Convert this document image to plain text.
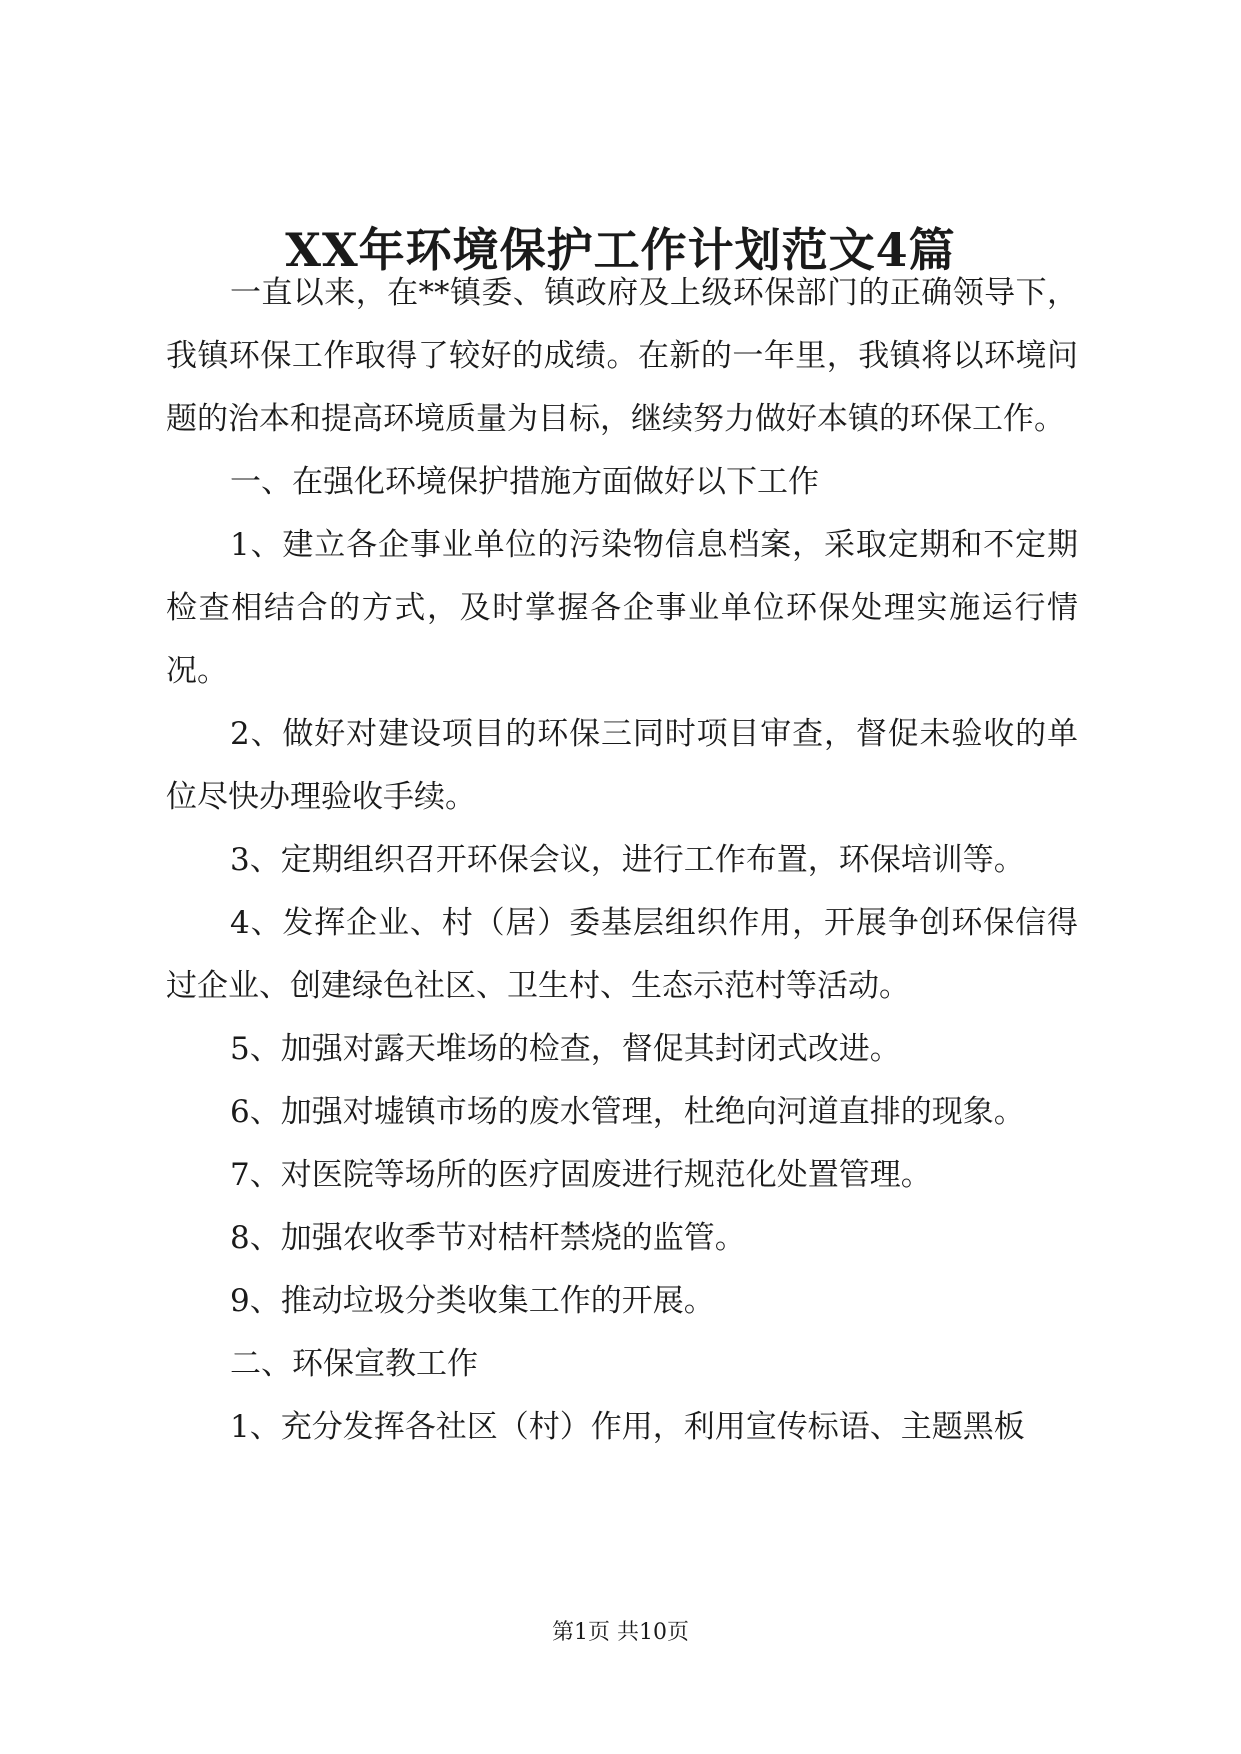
XX年环境保护工作计划范文4篇

一直以来，在**镇委、镇政府及上级环保部门的正确领导下，我镇环保工作取得了较好的成绩。在新的一年里，我镇将以环境问题的治本和提高环境质量为目标，继续努力做好本镇的环保工作。

一、在强化环境保护措施方面做好以下工作

1、建立各企事业单位的污染物信息档案，采取定期和不定期检查相结合的方式，及时掌握各企事业单位环保处理实施运行情况。

2、做好对建设项目的环保三同时项目审查，督促未验收的单位尽快办理验收手续。

3、定期组织召开环保会议，进行工作布置，环保培训等。

4、发挥企业、村（居）委基层组织作用，开展争创环保信得过企业、创建绿色社区、卫生村、生态示范村等活动。

5、加强对露天堆场的检查，督促其封闭式改进。

6、加强对墟镇市场的废水管理，杜绝向河道直排的现象。

7、对医院等场所的医疗固废进行规范化处置管理。

8、加强农收季节对桔杆禁烧的监管。

9、推动垃圾分类收集工作的开展。

二、环保宣教工作

1、充分发挥各社区（村）作用，利用宣传标语、主题黑板

第1页 共10页
